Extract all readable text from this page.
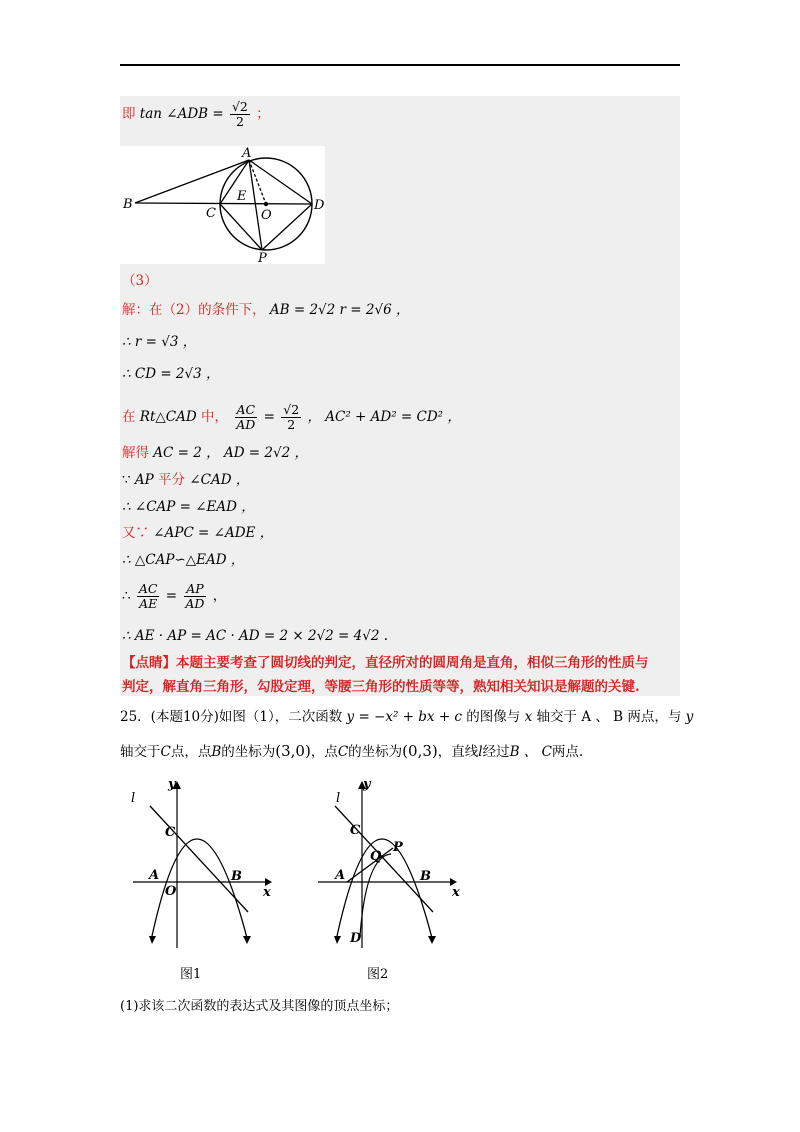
即 tan ∠ADB = $\frac{√2}{2}$ ；
A
B
C
E
O
D
P
（3）
解：在（2）的条件下， AB = 2√2 r = 2√6 ，
∴ r = √3 ，
∴ CD = 2√3 ，
在 Rt△CAD 中， $\frac{AC}{AD} = \frac{√2}{2}$ ， AC² + AD² = CD² ，
解得 AC = 2 ， AD = 2√2 ，
∵ AP 平分 ∠CAD ，
∴ ∠CAP = ∠EAD ，
又∵ ∠APC = ∠ADE ，
∴ △CAP∽△EAD ，
∴ $\frac{AC}{AE} = \frac{AP}{AD}$ ，
∴ AE · AP = AC · AD = 2 × 2√2 = 4√2 .
【点睛】本题主要考查了圆切线的判定，直径所对的圆周角是直角，相似三角形的性质与
判定，解直角三角形，勾股定理，等腰三角形的性质等等，熟知相关知识是解题的关键.
25．(本题10分)如图（1），二次函数 y = −x² + bx + c 的图像与 x 轴交于 A 、 B 两点，与 y
轴交于C点，点B的坐标为(3,0)，点C的坐标为(0,3)，直线l经过B 、 C两点.
l
y
x
C
A
O
B
图1
l
y
x
C
Q
P
A	B
D
图2
(1)求该二次函数的表达式及其图像的顶点坐标；
